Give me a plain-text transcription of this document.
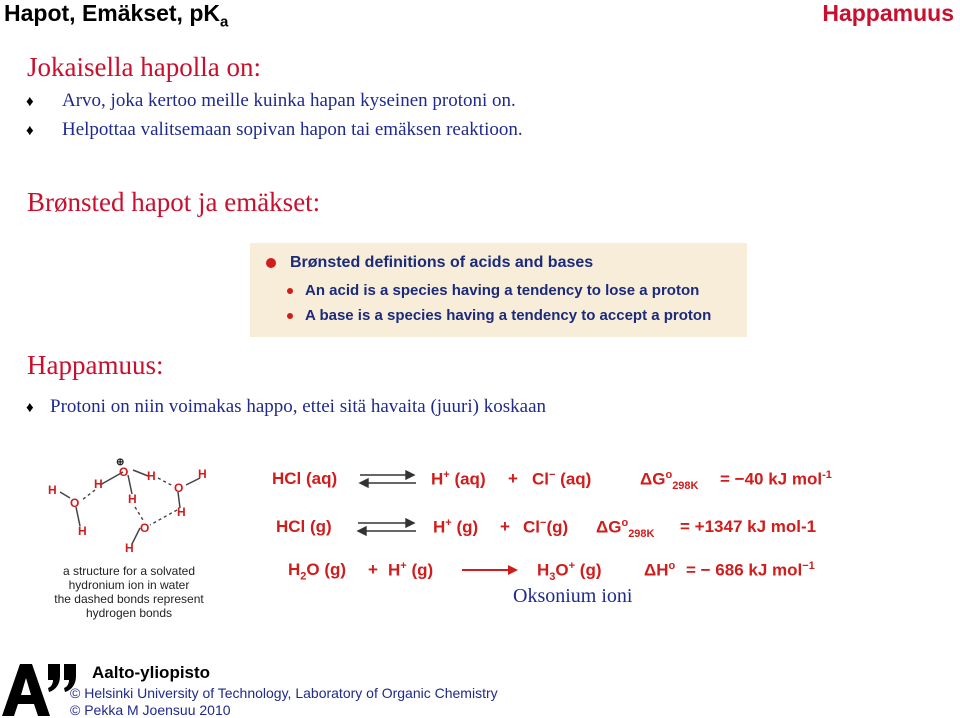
Hapot, Emäkset, $pK_a$	Happamuus
Jokaisella hapolla on:
♦ Arvo, joka kertoo meille kuinka hapan kyseinen protoni on.
♦ Helpottaa valitsemaan sopivan hapon tai emäksen reaktioon.
Brønsted hapot ja emäkset:
Brønsted definitions of acids and bases
An acid is a species having a tendency to lose a proton
A base is a species having a tendency to accept a proton
Happamuus:
♦ Protoni on niin voimakas happo, ettei sitä havaita (juuri) koskaan
⊕
O
H
H
H
O
H
H
O
H
O
H
H
a structure for a solvated
hydronium ion in water
the dashed bonds represent
hydrogen bonds
HCl (aq) ⇌ H+ (aq) + Cl− (aq)	$\Delta G^o_{298K} = -40$ kJ mol$^{-1}$
HCl (g)	H+ (g) + Cl−(g) $\Delta G^o_{298K} = +1347$ kJ mol-1
$H_2O$ (g) + H+ $(g) \to H_3O^+$ (g) $\Delta H^o$ = − 686 kJ mol$^{-1}$
Oksonium ioni
Aalto-yliopisto
© Helsinki University of Technology, Laboratory of Organic Chemistry
© Pekka M Joensuu 2010
